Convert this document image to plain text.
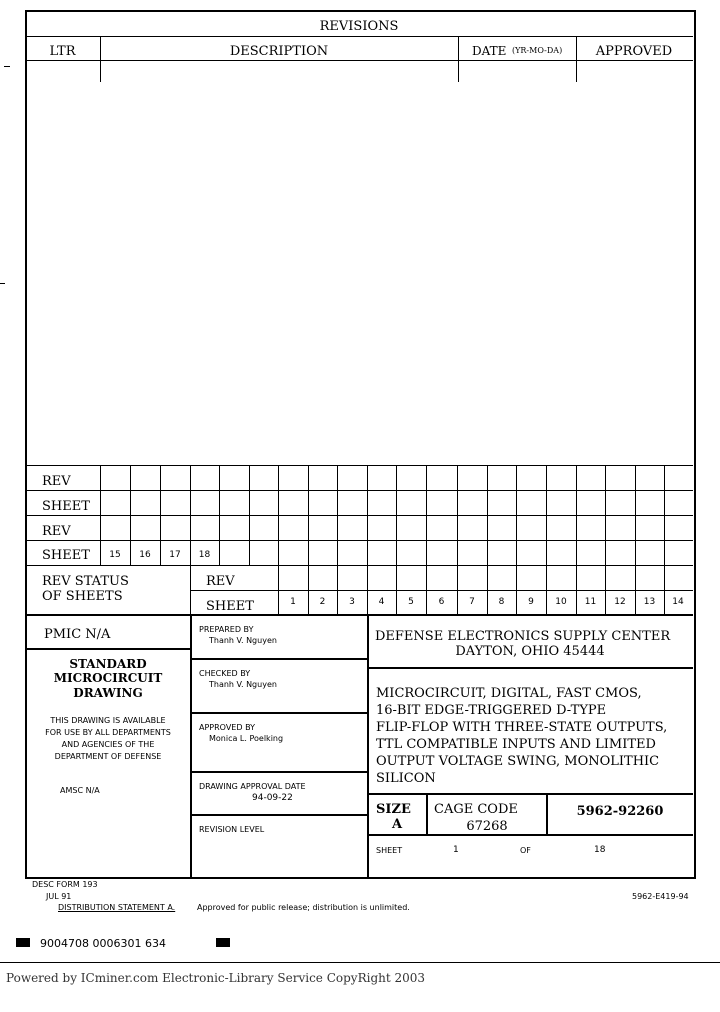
REVISIONS
LTR	DESCRIPTION	DATE (YR-MO-DA)	APPROVED
REV
SHEET
REV
SHEET	15	16	17	18
REV STATUS
OF SHEETS
REV
SHEET	1	2	3	4	5	6	7	8	9	10	11	12	13	14
PMIC N/A
STANDARD
MICROCIRCUIT
DRAWING
THIS DRAWING IS AVAILABLE
FOR USE BY ALL DEPARTMENTS
AND AGENCIES OF THE
DEPARTMENT OF DEFENSE
AMSC N/A
PREPARED BY
Thanh V. Nguyen
CHECKED BY
Thanh V. Nguyen
APPROVED BY
Monica L. Poelking
DRAWING APPROVAL DATE
94-09-22
REVISION LEVEL
DEFENSE ELECTRONICS SUPPLY CENTER
DAYTON, OHIO 45444
MICROCIRCUIT, DIGITAL, FAST CMOS,
16-BIT EDGE-TRIGGERED D-TYPE
FLIP-FLOP WITH THREE-STATE OUTPUTS,
TTL COMPATIBLE INPUTS AND LIMITED
OUTPUT VOLTAGE SWING, MONOLITHIC
SILICON
SIZE
A
CAGE CODE
67268
5962-92260
SHEET	1	OF	18
DESC FORM 193
JUL 91
DISTRIBUTION STATEMENT A.	Approved for public release; distribution is unlimited.
5962-E419-94
9004708 0006301 634
Powered by ICminer.com Electronic-Library Service CopyRight 2003
